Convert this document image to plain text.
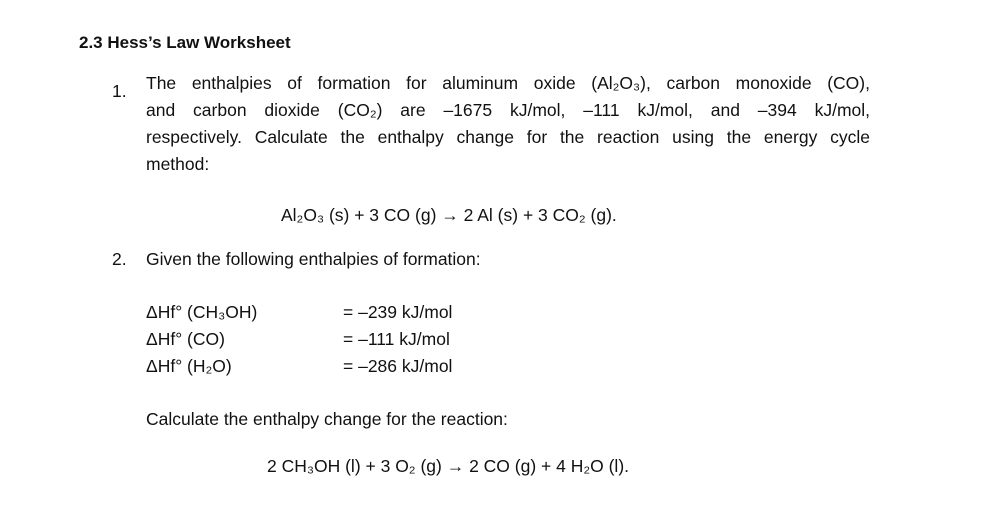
2.3 Hess’s Law Worksheet
1. The enthalpies of formation for aluminum oxide (Al₂O₃), carbon monoxide (CO),
and carbon dioxide (CO₂) are –1675 kJ/mol, –111 kJ/mol, and –394 kJ/mol,
respectively. Calculate the enthalpy change for the reaction using the energy cycle
method:
Al₂O₃ (s) + 3 CO (g) → 2 Al (s) + 3 CO₂ (g).
2. Given the following enthalpies of formation:
ΔHf° (CH₃OH)	= –239 kJ/mol
ΔHf° (CO)	= –111 kJ/mol
ΔHf° (H₂O)	= –286 kJ/mol
Calculate the enthalpy change for the reaction:
2 CH₃OH (l) + 3 O₂ (g) → 2 CO (g) + 4 H₂O (l).
